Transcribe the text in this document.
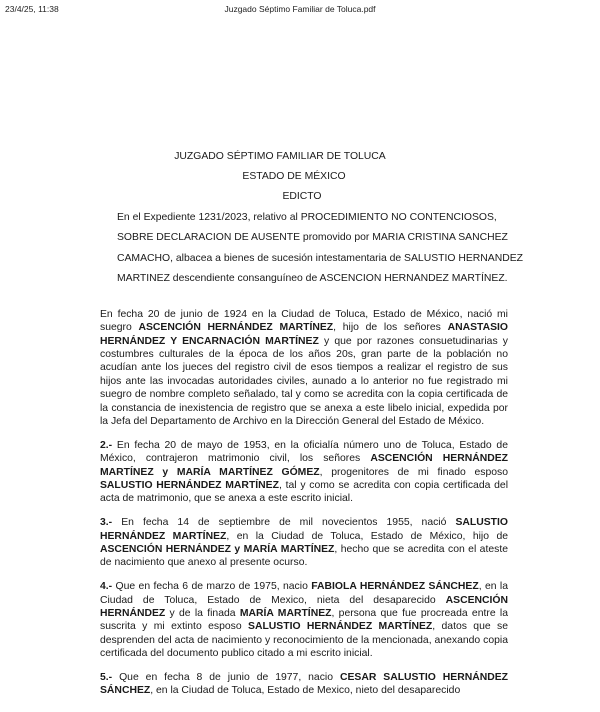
23/4/25, 11:38	Juzgado Séptimo Familiar de Toluca.pdf
JUZGADO SÉPTIMO FAMILIAR DE TOLUCA
ESTADO DE MÉXICO
EDICTO
En el Expediente 1231/2023, relativo al PROCEDIMIENTO NO CONTENCIOSOS,
SOBRE DECLARACION DE AUSENTE promovido por MARIA CRISTINA SANCHEZ
CAMACHO, albacea a bienes de sucesión intestamentaria de SALUSTIO HERNANDEZ
MARTINEZ descendiente consanguíneo de ASCENCION HERNANDEZ MARTÍNEZ.

En fecha 20 de junio de 1924 en la Ciudad de Toluca, Estado de México, nació mi suegro ASCENCIÓN HERNÁNDEZ MARTÍNEZ, hijo de los señores ANASTASIO HERNÁNDEZ Y ENCARNACIÓN MARTÍNEZ y que por razones consuetudinarias y costumbres culturales de la época de los años 20s, gran parte de la población no acudían ante los jueces del registro civil de esos tiempos a realizar el registro de sus hijos ante las invocadas autoridades civiles, aunado a lo anterior no fue registrado mi suegro de nombre completo señalado, tal y como se acredita con la copia certificada de la constancia de inexistencia de registro que se anexa a este libelo inicial, expedida por la Jefa del Departamento de Archivo en la Dirección General del Estado de México.

2.- En fecha 20 de mayo de 1953, en la oficialía número uno de Toluca, Estado de México, contrajeron matrimonio civil, los señores ASCENCIÓN HERNÁNDEZ MARTÍNEZ y MARÍA MARTÍNEZ GÓMEZ, progenitores de mi finado esposo SALUSTIO HERNÁNDEZ MARTÍNEZ, tal y como se acredita con copia certificada del acta de matrimonio, que se anexa a este escrito inicial.

3.- En fecha 14 de septiembre de mil novecientos 1955, nació SALUSTIO HERNÁNDEZ MARTÍNEZ, en la Ciudad de Toluca, Estado de México, hijo de ASCENCIÓN HERNÁNDEZ y MARÍA MARTÍNEZ, hecho que se acredita con el ateste de nacimiento que anexo al presente ocurso.

4.- Que en fecha 6 de marzo de 1975, nacio FABIOLA HERNÁNDEZ SÁNCHEZ, en la Ciudad de Toluca, Estado de Mexico, nieta del desaparecido ASCENCIÓN HERNÁNDEZ y de la finada MARÍA MARTÍNEZ, persona que fue procreada entre la suscrita y mi extinto esposo SALUSTIO HERNÁNDEZ MARTÍNEZ, datos que se desprenden del acta de nacimiento y reconocimiento de la mencionada, anexando copia certificada del documento publico citado a mi escrito inicial.

5.- Que en fecha 8 de junio de 1977, nacio CESAR SALUSTIO HERNÁNDEZ SÁNCHEZ, en la Ciudad de Toluca, Estado de Mexico, nieto del desaparecido
